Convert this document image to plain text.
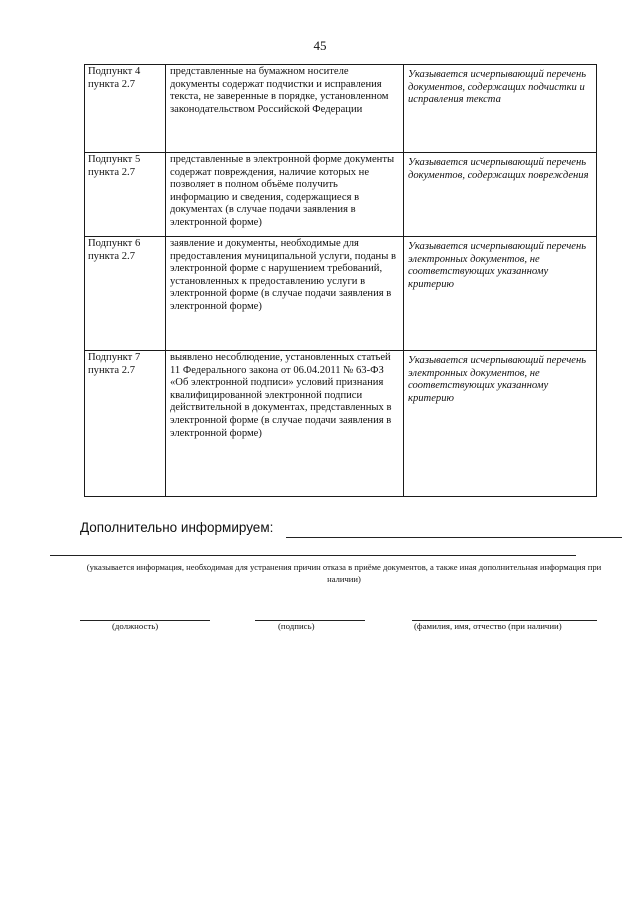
45
Подпункт 4 пункта 2.7	представленные на бумажном носителе документы содержат подчистки и исправления текста, не заверенные в порядке, установленном законодательством Российской Федерации	Указывается исчерпывающий перечень документов, содержащих подчистки и исправления текста
Подпункт 5 пункта 2.7	представленные в электронной форме документы содержат повреждения, наличие которых не позволяет в полном объёме получить информацию и сведения, содержащиеся в документах (в случае подачи заявления в электронной форме)	Указывается исчерпывающий перечень документов, содержащих повреждения
Подпункт 6 пункта 2.7	заявление и документы, необходимые для предоставления муниципальной услуги, поданы в электронной форме с нарушением требований, установленных к предоставлению услуги в электронной форме (в случае подачи заявления в электронной форме)	Указывается исчерпывающий перечень электронных документов, не соответствующих указанному критерию
Подпункт 7 пункта 2.7	выявлено несоблюдение, установленных статьей 11 Федерального закона от 06.04.2011 № 63-ФЗ «Об электронной подписи» условий признания квалифицированной электронной подписи действительной в документах, представленных в электронной форме (в случае подачи заявления в электронной форме)	Указывается исчерпывающий перечень электронных документов, не соответствующих указанному критерию
Дополнительно информируем:
(указывается информация, необходимая для устранения причин отказа в приёме документов, а также иная дополнительная информация при наличии)
(должность)	(подпись)	(фамилия, имя, отчество (при наличии)
